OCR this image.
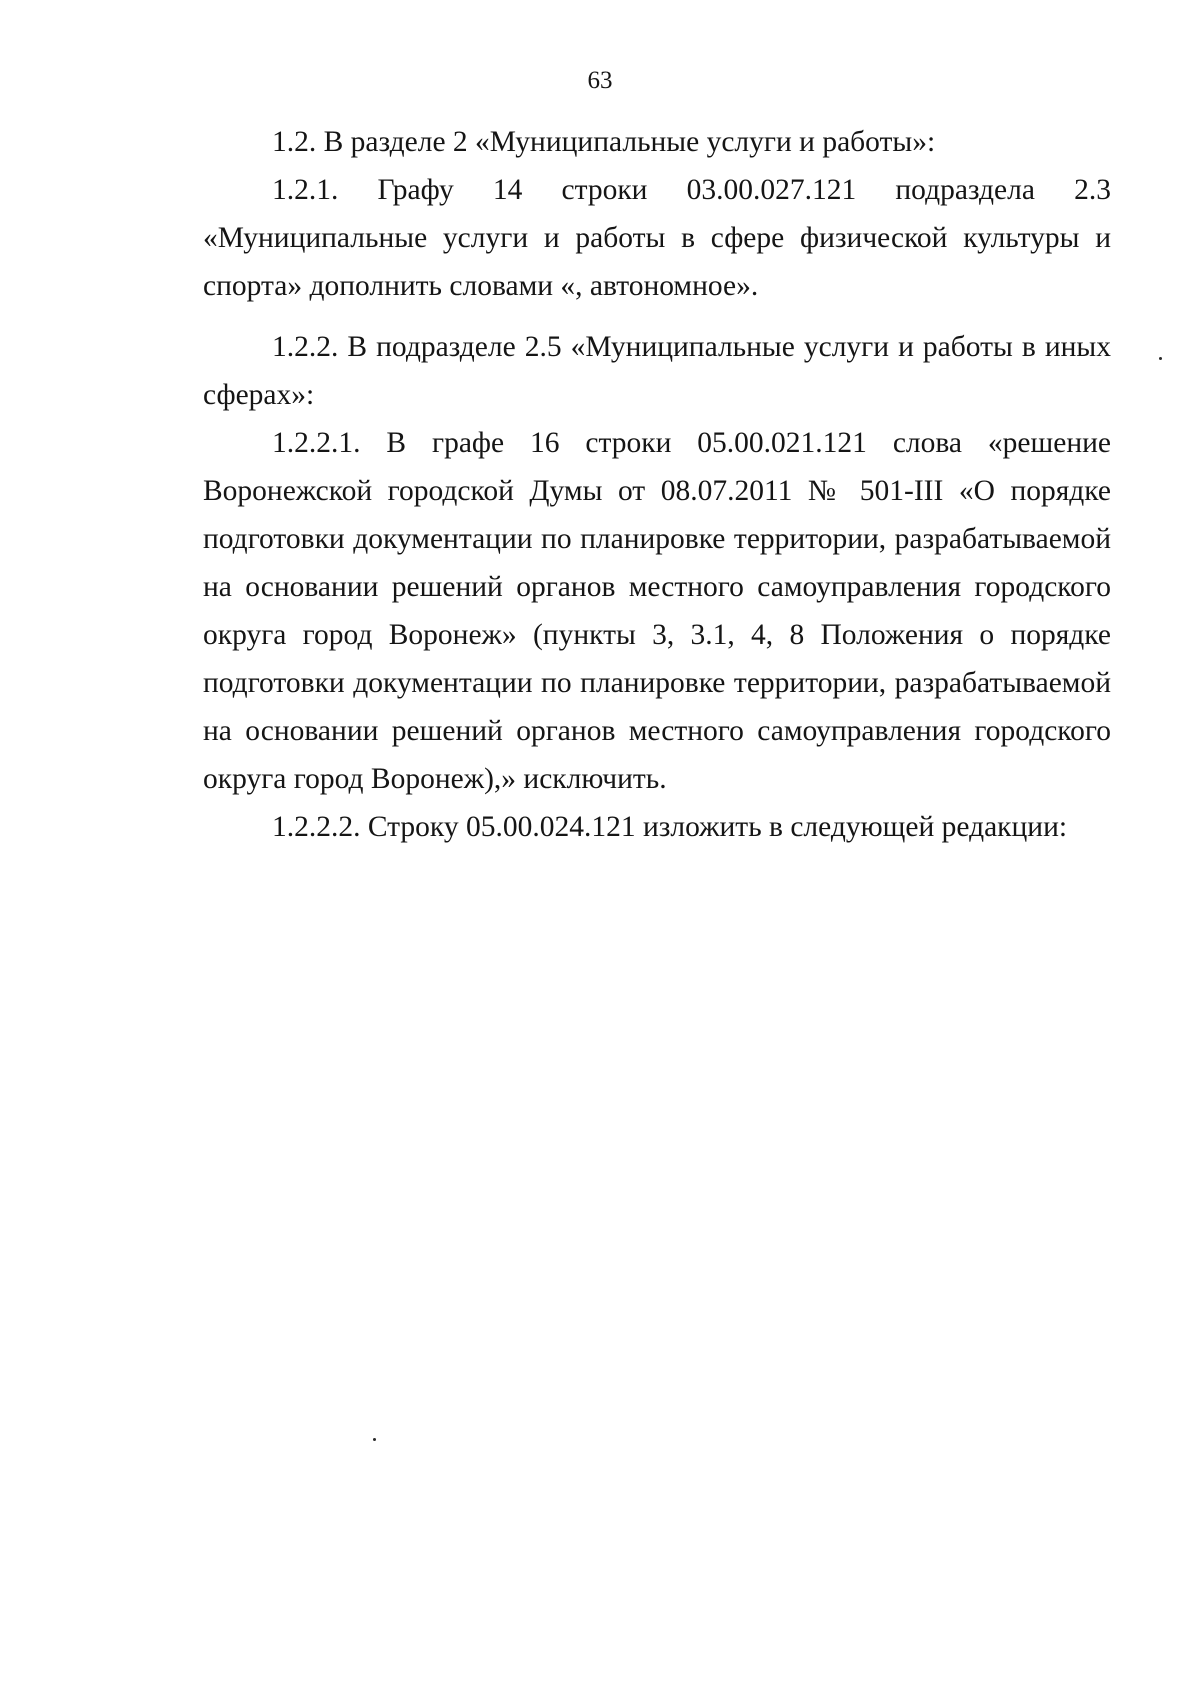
63

1.2. В разделе 2 «Муниципальные услуги и работы»:

1.2.1. Графу 14 строки 03.00.027.121 подраздела 2.3 «Муниципальные услуги и работы в сфере физической культуры и спорта» дополнить словами «, автономное».

1.2.2. В подразделе 2.5 «Муниципальные услуги и работы в иных сферах»:

1.2.2.1. В графе 16 строки 05.00.021.121 слова «решение Воронежской городской Думы от 08.07.2011 № 501-III «О порядке подготовки документации по планировке территории, разрабатываемой на основании решений органов местного самоуправления городского округа город Воронеж» (пункты 3, 3.1, 4, 8 Положения о порядке подготовки документации по планировке территории, разрабатываемой на основании решений органов местного самоуправления городского округа город Воронеж),» исключить.

1.2.2.2. Строку 05.00.024.121 изложить в следующей редакции:
